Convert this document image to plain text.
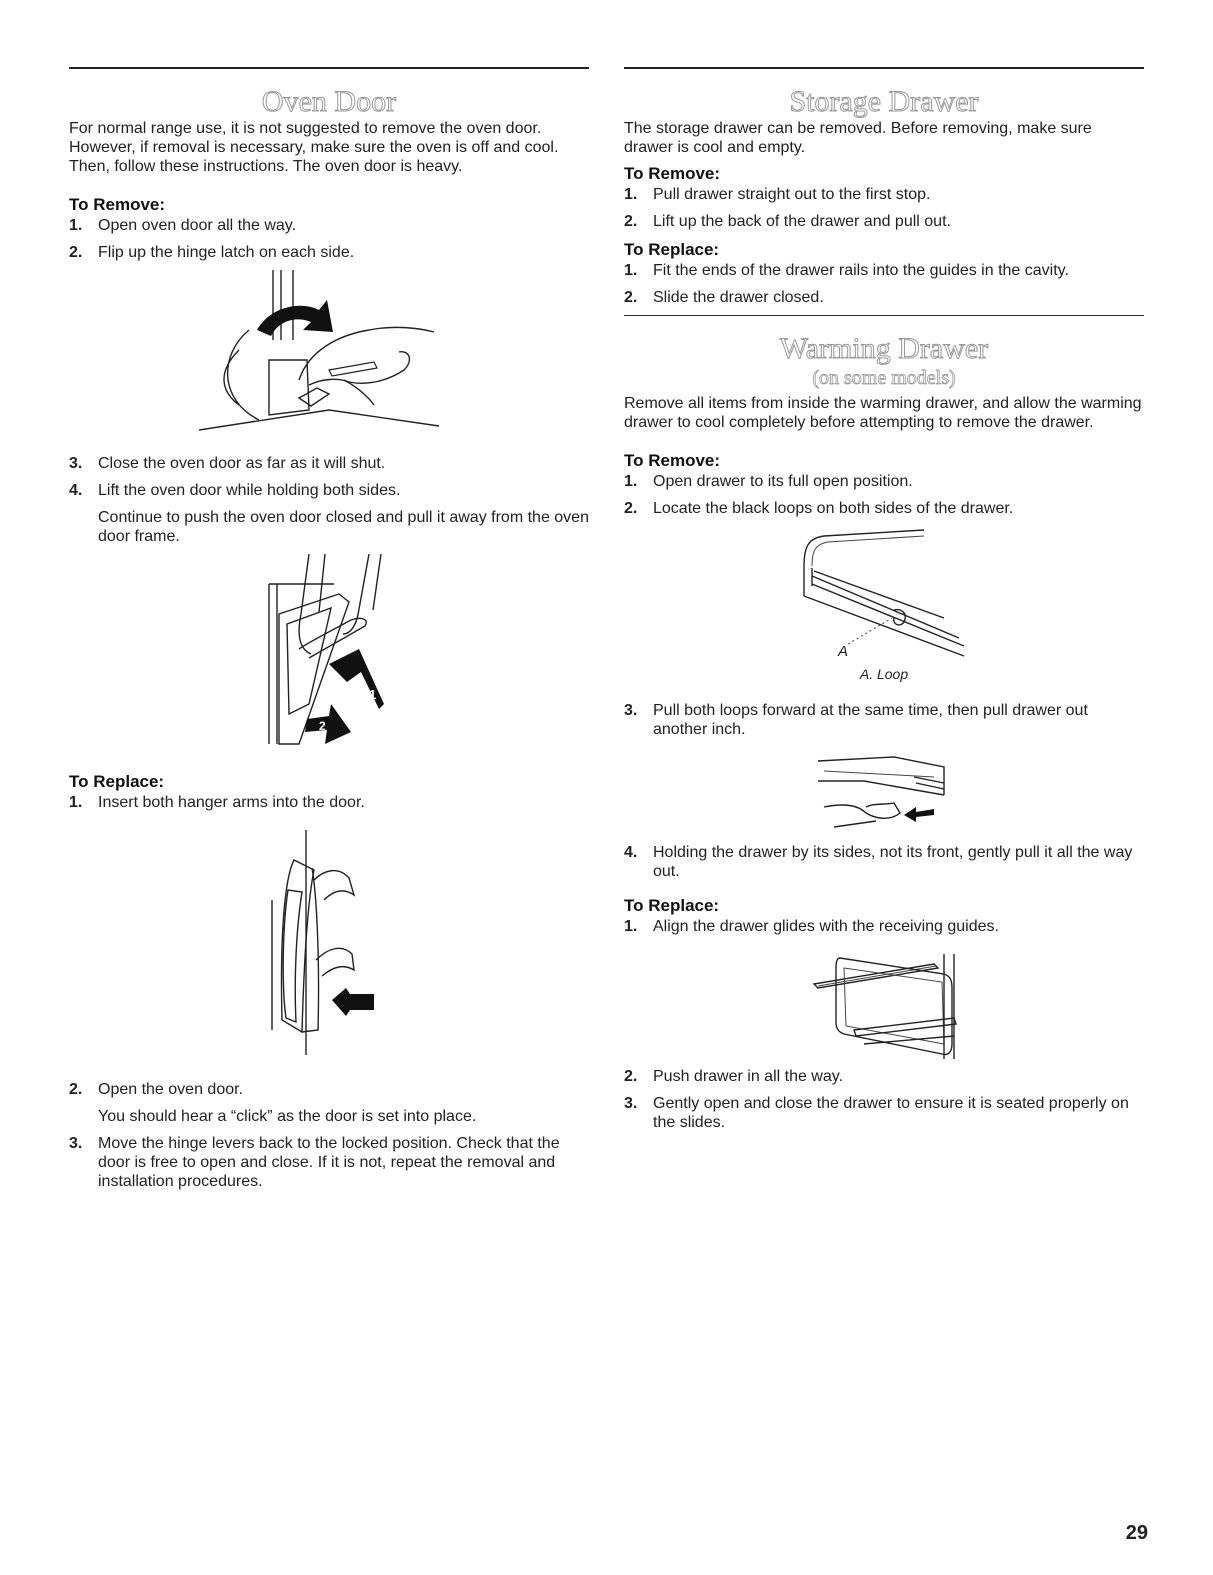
Oven Door

For normal range use, it is not suggested to remove the oven door. However, if removal is necessary, make sure the oven is off and cool. Then, follow these instructions. The oven door is heavy.

To Remove:
1. Open oven door all the way.
2. Flip up the hinge latch on each side.
3. Close the oven door as far as it will shut.
4. Lift the oven door while holding both sides.
Continue to push the oven door closed and pull it away from the oven door frame.
1
2
To Replace:
1. Insert both hanger arms into the door.
2. Open the oven door.
You should hear a “click” as the door is set into place.
3. Move the hinge levers back to the locked position. Check that the door is free to open and close. If it is not, repeat the removal and installation procedures.
Storage Drawer

The storage drawer can be removed. Before removing, make sure drawer is cool and empty.

To Remove:
1. Pull drawer straight out to the first stop.
2. Lift up the back of the drawer and pull out.
To Replace:
1. Fit the ends of the drawer rails into the guides in the cavity.
2. Slide the drawer closed.
Warming Drawer
(on some models)

Remove all items from inside the warming drawer, and allow the warming drawer to cool completely before attempting to remove the drawer.

To Remove:
1. Open drawer to its full open position.
2. Locate the black loops on both sides of the drawer.
A
A. Loop
3. Pull both loops forward at the same time, then pull drawer out another inch.
4. Holding the drawer by its sides, not its front, gently pull it all the way out.
To Replace:
1. Align the drawer glides with the receiving guides.
2. Push drawer in all the way.
3. Gently open and close the drawer to ensure it is seated properly on the slides.
29
